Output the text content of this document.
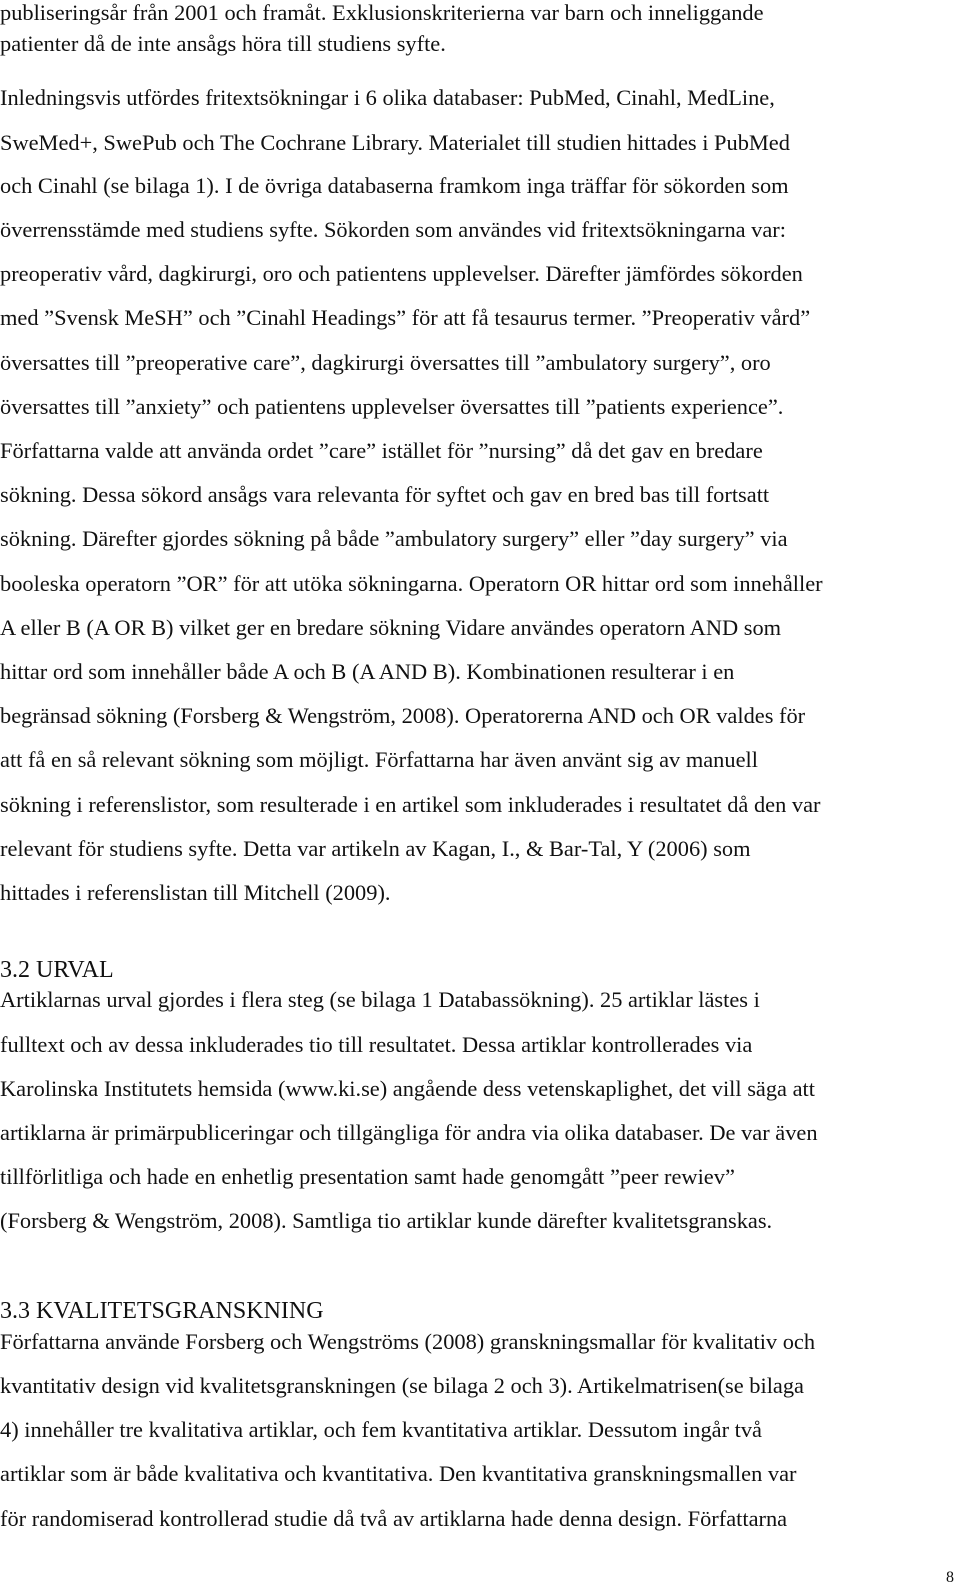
publiseringsår från 2001 och framåt. Exklusionskriterierna var barn och inneliggande
patienter då de inte ansågs höra till studiens syfte.
Inledningsvis utfördes fritextsökningar i 6 olika databaser: PubMed, Cinahl, MedLine,
SweMed+, SwePub och The Cochrane Library. Materialet till studien hittades i PubMed
och Cinahl (se bilaga 1). I de övriga databaserna framkom inga träffar för sökorden som
överrensstämde med studiens syfte. Sökorden som användes vid fritextsökningarna var:
preoperativ vård, dagkirurgi, oro och patientens upplevelser. Därefter jämfördes sökorden
med ”Svensk MeSH” och ”Cinahl Headings” för att få tesaurus termer. ”Preoperativ vård”
översattes till ”preoperative care”, dagkirurgi översattes till ”ambulatory surgery”, oro
översattes till ”anxiety” och patientens upplevelser översattes till ”patients experience”.
Författarna valde att använda ordet ”care” istället för ”nursing” då det gav en bredare
sökning. Dessa sökord ansågs vara relevanta för syftet och gav en bred bas till fortsatt
sökning. Därefter gjordes sökning på både ”ambulatory surgery” eller ”day surgery” via
booleska operatorn ”OR” för att utöka sökningarna. Operatorn OR hittar ord som innehåller
A eller B (A OR B) vilket ger en bredare sökning Vidare användes operatorn AND som
hittar ord som innehåller både A och B (A AND B). Kombinationen resulterar i en
begränsad sökning (Forsberg & Wengström, 2008). Operatorerna AND och OR valdes för
att få en så relevant sökning som möjligt. Författarna har även använt sig av manuell
sökning i referenslistor, som resulterade i en artikel som inkluderades i resultatet då den var
relevant för studiens syfte. Detta var artikeln av Kagan, I., & Bar-Tal, Y (2006) som
hittades i referenslistan till Mitchell (2009).
3.2 URVAL
Artiklarnas urval gjordes i flera steg (se bilaga 1 Databassökning). 25 artiklar lästes i
fulltext och av dessa inkluderades tio till resultatet. Dessa artiklar kontrollerades via
Karolinska Institutets hemsida (www.ki.se) angående dess vetenskaplighet, det vill säga att
artiklarna är primärpubliceringar och tillgängliga för andra via olika databaser. De var även
tillförlitliga och hade en enhetlig presentation samt hade genomgått ”peer rewiev”
(Forsberg & Wengström, 2008). Samtliga tio artiklar kunde därefter kvalitetsgranskas.
3.3 KVALITETSGRANSKNING
Författarna använde Forsberg och Wengströms (2008) granskningsmallar för kvalitativ och
kvantitativ design vid kvalitetsgranskningen (se bilaga 2 och 3). Artikelmatrisen(se bilaga
4) innehåller tre kvalitativa artiklar, och fem kvantitativa artiklar. Dessutom ingår två
artiklar som är både kvalitativa och kvantitativa. Den kvantitativa granskningsmallen var
för randomiserad kontrollerad studie då två av artiklarna hade denna design. Författarna
8
